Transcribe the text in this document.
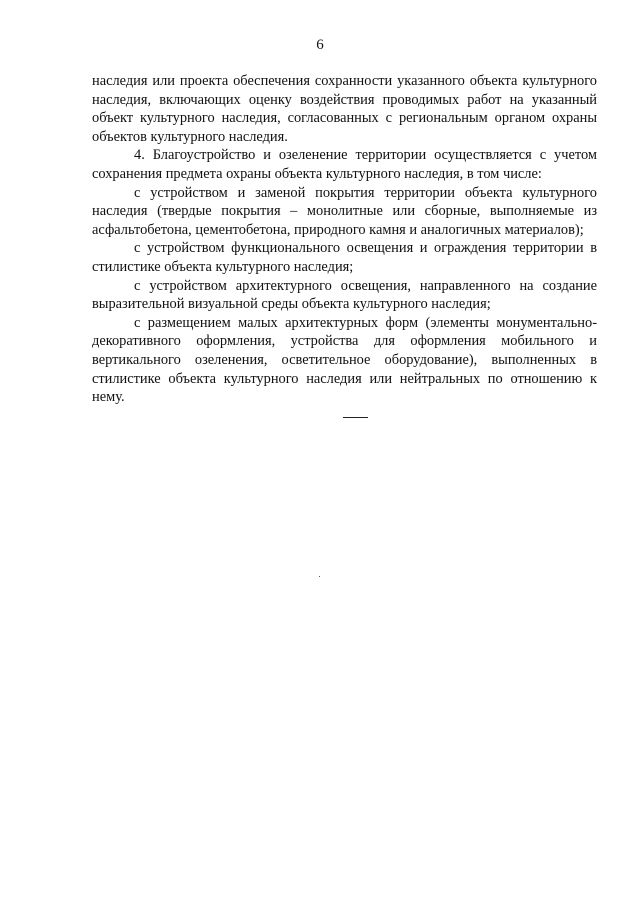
6

наследия или проекта обеспечения сохранности указанного объекта культурного наследия, включающих оценку воздействия проводимых работ на указанный объект культурного наследия, согласованных с региональным органом охраны объектов культурного наследия.

4. Благоустройство и озеленение территории осуществляется с учетом сохранения предмета охраны объекта культурного наследия, в том числе:

с устройством и заменой покрытия территории объекта культурного наследия (твердые покрытия – монолитные или сборные, выполняемые из асфальтобетона, цементобетона, природного камня и аналогичных материалов);

с устройством функционального освещения и ограждения территории в стилистике объекта культурного наследия;

с устройством архитектурного освещения, направленного на создание выразительной визуальной среды объекта культурного наследия;

с размещением малых архитектурных форм (элементы монументально-декоративного оформления, устройства для оформления мобильного и вертикального озеленения, осветительное оборудование), выполненных в стилистике объекта культурного наследия или нейтральных по отношению к нему.
